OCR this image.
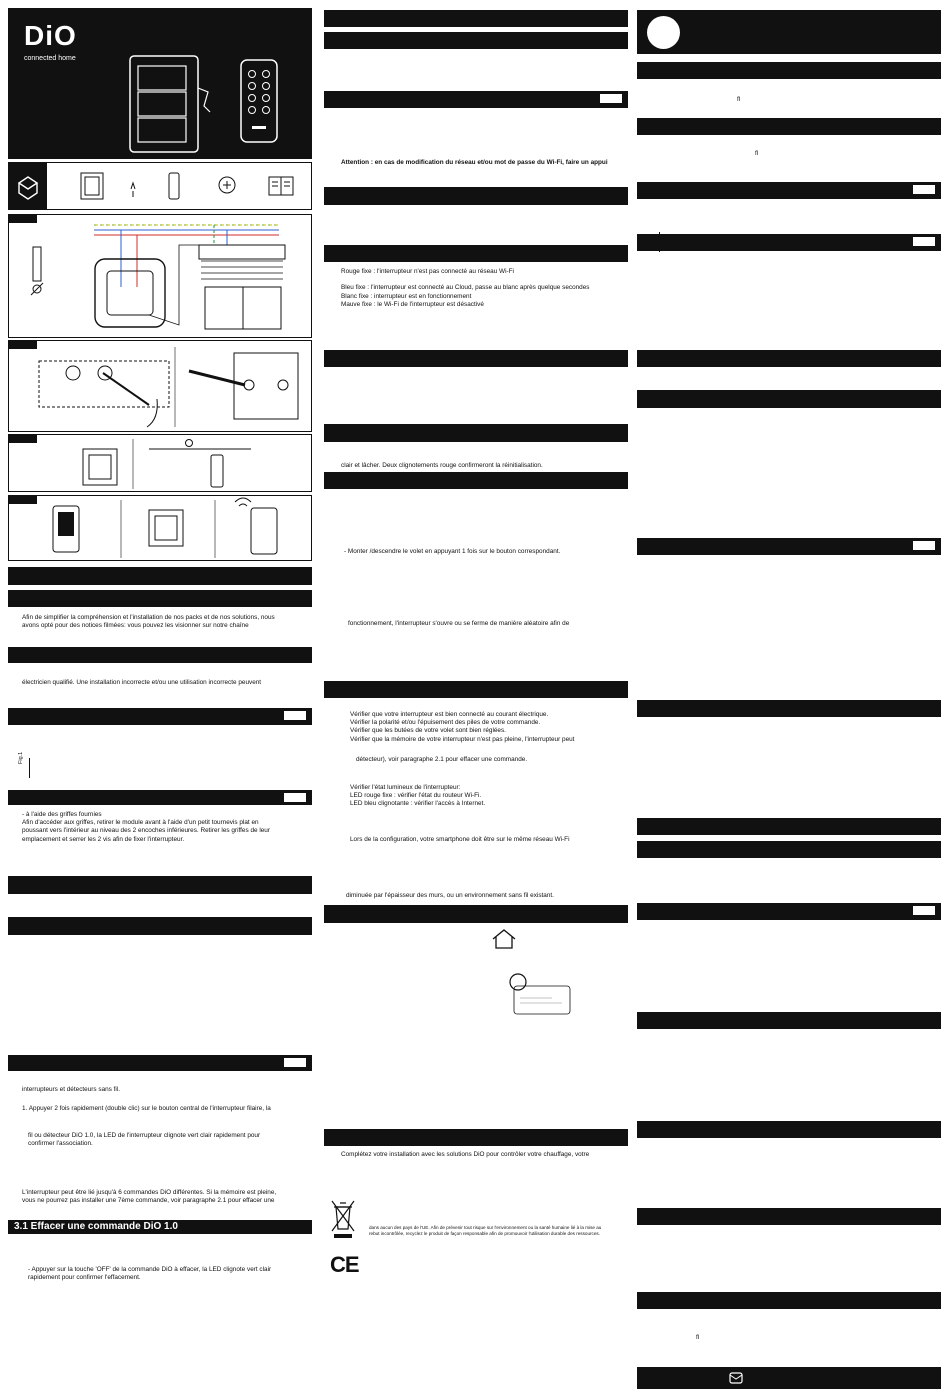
DiO
connected home
Afin de simplifier la compréhension et l'installation de nos packs et de nos solutions, nous
avons opté pour des notices filmées: vous pouvez les visionner sur notre chaîne
électricien qualifié. Une installation incorrecte et/ou une utilisation incorrecte peuvent
Fig.1
- à l'aide des griffes fournies
Afin d'accéder aux griffes, retirer le module avant à l'aide d'un petit tournevis plat en
poussant vers l'intérieur au niveau des 2 encoches inférieures. Retirer les griffes de leur
emplacement et serrer les 2 vis afin de fixer l'interrupteur.
interrupteurs et détecteurs sans fil.
1. Appuyer 2 fois rapidement (double clic) sur le bouton central de l'interrupteur filaire, la
fil ou détecteur DiO 1.0, la LED de l'interrupteur clignote vert clair rapidement pour
confirmer l'association.
L'interrupteur peut être lié jusqu'à 6 commandes DiO différentes. Si la mémoire est pleine,
vous ne pourrez pas installer une 7ème commande, voir paragraphe 2.1 pour effacer une
3.1 Effacer une commande DiO 1.0
- Appuyer sur la touche 'OFF' de la commande DiO à effacer, la LED clignote vert clair
rapidement pour confirmer l'effacement.
Attention : en cas de modification du réseau et/ou mot de passe du Wi-Fi, faire un appui
Rouge fixe : l'interrupteur n'est pas connecté au réseau Wi-Fi

Bleu fixe : l'interrupteur est connecté au Cloud, passe au blanc après quelque secondes
Blanc fixe : interrupteur est en fonctionnement
Mauve fixe : le Wi-Fi de l'interrupteur est désactivé
clair et lâcher. Deux clignotements rouge confirmeront la réinitialisation.
- Monter /descendre le volet en appuyant 1 fois sur le bouton correspondant.
fonctionnement, l'interrupteur s'ouvre ou se ferme de manière aléatoire afin de
Vérifier que votre interrupteur est bien connecté au courant électrique.
Vérifier la polarité et/ou l'épuisement des piles de votre commande.
Vérifier que les butées de votre volet sont bien réglées.
Vérifier que la mémoire de votre interrupteur n'est pas pleine, l'interrupteur peut
détecteur), voir paragraphe 2.1 pour effacer une commande.
Vérifier l'état lumineux de l'interrupteur:
LED rouge fixe : vérifier l'état du routeur Wi-Fi.
LED bleu clignotante : vérifier l'accès à Internet.
Lors de la configuration, votre smartphone doit être sur le même réseau Wi-Fi
diminuée par l'épaisseur des murs, ou un environnement sans fil existant.
Complétez votre installation avec les solutions DiO pour contrôler votre chauffage, votre
dans aucun des pays de l'UE. Afin de prévenir tout risque sur l'environnement ou la santé humaine lié à la mise au
rebut incontrôlée, recyclez le produit de façon responsable afin de promouvoir l'utilisation durable des ressources.
CE
fl
fl
fl
